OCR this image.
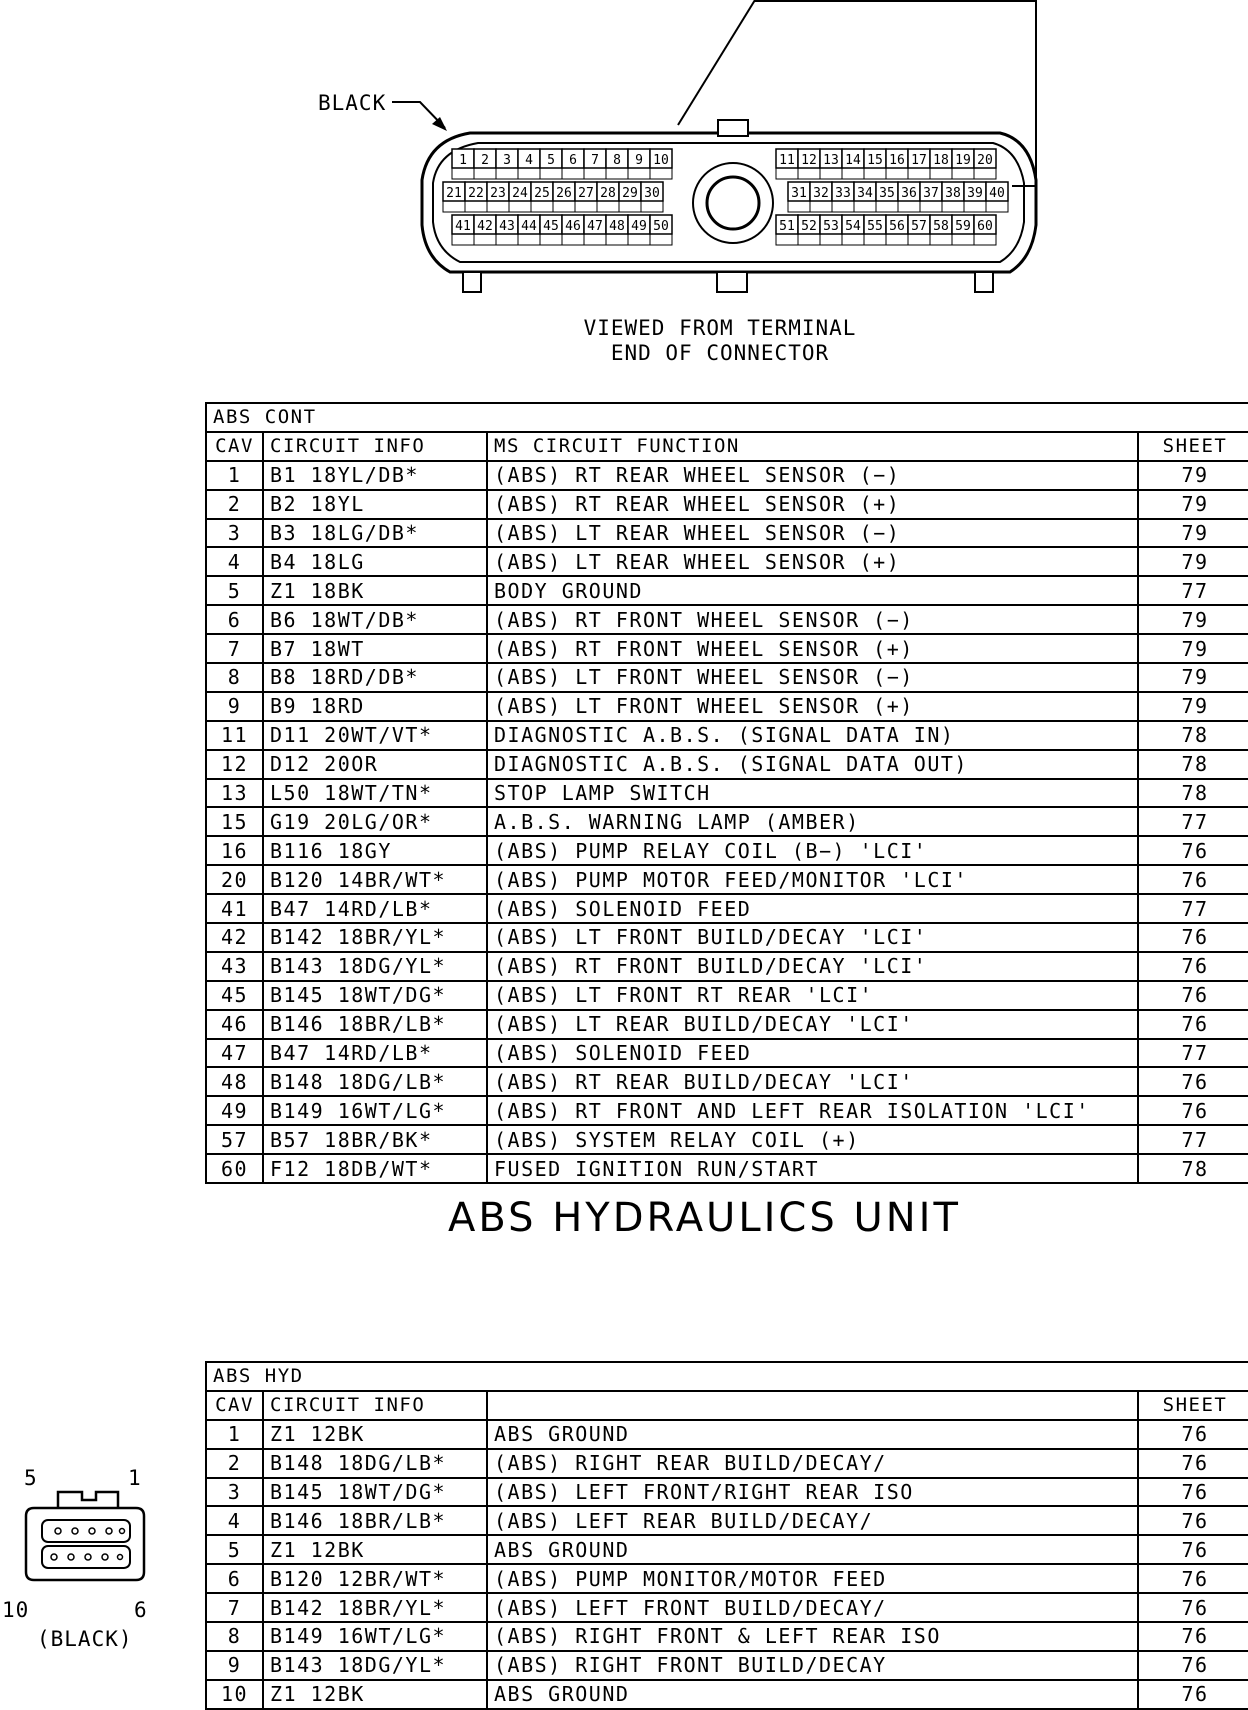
1 2 3 4 5 6 7 8 9 10
21 22 23 24 25 26 27 28 29 30
41 42 43 44 45 46 47 48 49 50
11 12 13 14 15 16 17 18 19 20
31 32 33 34 35 36 37 38 39 40
51 52 53 54 55 56 57 58 59 60
BLACK
VIEWED FROM TERMINAL
END OF CONNECTOR
ABS CONT			
CAV	CIRCUIT INFO	MS CIRCUIT FUNCTION	SHEET
1	B1 18YL/DB*	(ABS) RT REAR WHEEL SENSOR (−)	79
2	B2 18YL	(ABS) RT REAR WHEEL SENSOR (+)	79
3	B3 18LG/DB*	(ABS) LT REAR WHEEL SENSOR (−)	79
4	B4 18LG	(ABS) LT REAR WHEEL SENSOR (+)	79
5	Z1 18BK	BODY GROUND	77
6	B6 18WT/DB*	(ABS) RT FRONT WHEEL SENSOR (−)	79
7	B7 18WT	(ABS) RT FRONT WHEEL SENSOR (+)	79
8	B8 18RD/DB*	(ABS) LT FRONT WHEEL SENSOR (−)	79
9	B9 18RD	(ABS) LT FRONT WHEEL SENSOR (+)	79
11	D11 20WT/VT*	DIAGNOSTIC A.B.S. (SIGNAL DATA IN)	78
12	D12 20OR	DIAGNOSTIC A.B.S. (SIGNAL DATA OUT)	78
13	L50 18WT/TN*	STOP LAMP SWITCH	78
15	G19 20LG/OR*	A.B.S. WARNING LAMP (AMBER)	77
16	B116 18GY	(ABS) PUMP RELAY COIL (B−) 'LCI'	76
20	B120 14BR/WT*	(ABS) PUMP MOTOR FEED/MONITOR 'LCI'	76
41	B47 14RD/LB*	(ABS) SOLENOID FEED	77
42	B142 18BR/YL*	(ABS) LT FRONT BUILD/DECAY 'LCI'	76
43	B143 18DG/YL*	(ABS) RT FRONT BUILD/DECAY 'LCI'	76
45	B145 18WT/DG*	(ABS) LT FRONT RT REAR 'LCI'	76
46	B146 18BR/LB*	(ABS) LT REAR BUILD/DECAY 'LCI'	76
47	B47 14RD/LB*	(ABS) SOLENOID FEED	77
48	B148 18DG/LB*	(ABS) RT REAR BUILD/DECAY 'LCI'	76
49	B149 16WT/LG*	(ABS) RT FRONT AND LEFT REAR ISOLATION 'LCI'	76
57	B57 18BR/BK*	(ABS) SYSTEM RELAY COIL (+)	77
60	F12 18DB/WT*	FUSED IGNITION RUN/START	78
ABS HYDRAULICS UNIT
ABS HYD			
CAV	CIRCUIT INFO		SHEET
1	Z1 12BK	ABS GROUND	76
2	B148 18DG/LB*	(ABS) RIGHT REAR BUILD/DECAY/	76
3	B145 18WT/DG*	(ABS) LEFT FRONT/RIGHT REAR ISO	76
4	B146 18BR/LB*	(ABS) LEFT REAR BUILD/DECAY/	76
5	Z1 12BK	ABS GROUND	76
6	B120 12BR/WT*	(ABS) PUMP MONITOR/MOTOR FEED	76
7	B142 18BR/YL*	(ABS) LEFT FRONT BUILD/DECAY/	76
8	B149 16WT/LG*	(ABS) RIGHT FRONT & LEFT REAR ISO	76
9	B143 18DG/YL*	(ABS) RIGHT FRONT BUILD/DECAY	76
10	Z1 12BK	ABS GROUND	76
5	1
10	6
(BLACK)
